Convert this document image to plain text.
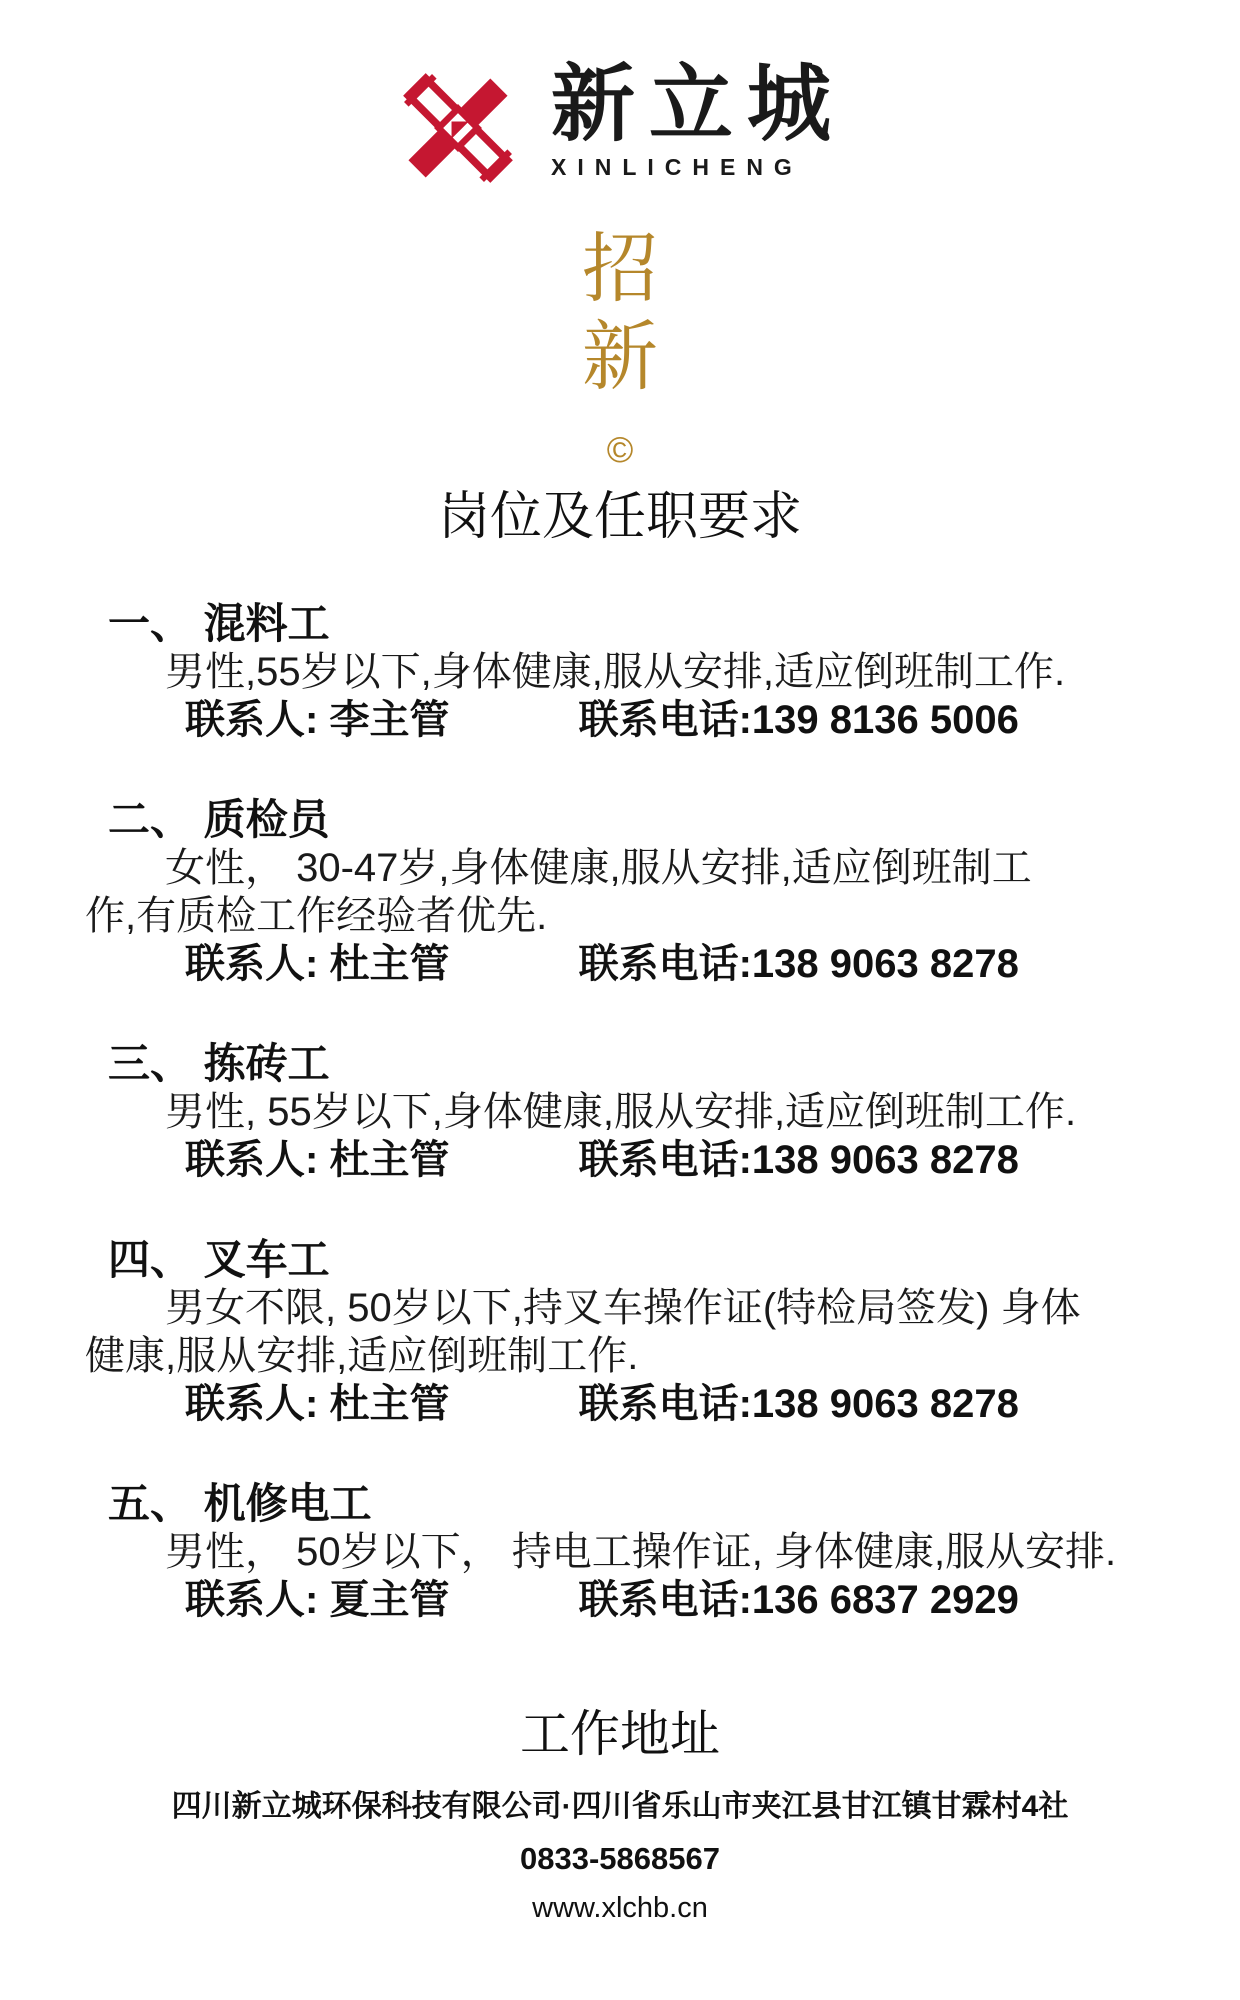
新立城
XINLICHENG
招
新
©
岗位及任职要求
一、 混料工
男性,55岁以下,身体健康,服从安排,适应倒班制工作.
联系人: 李主管	联系电话:139 8136 5006
二、 质检员
女性， 30-47岁,身体健康,服从安排,适应倒班制工
作,有质检工作经验者优先.
联系人: 杜主管	联系电话:138 9063 8278
三、 拣砖工
男性, 55岁以下,身体健康,服从安排,适应倒班制工作.
联系人: 杜主管	联系电话:138 9063 8278
四、 叉车工
男女不限, 50岁以下,持叉车操作证(特检局签发) 身体
健康,服从安排,适应倒班制工作.
联系人: 杜主管	联系电话:138 9063 8278
五、 机修电工
男性， 50岁以下， 持电工操作证, 身体健康,服从安排.
联系人: 夏主管	联系电话:136 6837 2929
工作地址
四川新立城环保科技有限公司·四川省乐山市夹江县甘江镇甘霖村4社
0833-5868567
www.xlchb.cn
